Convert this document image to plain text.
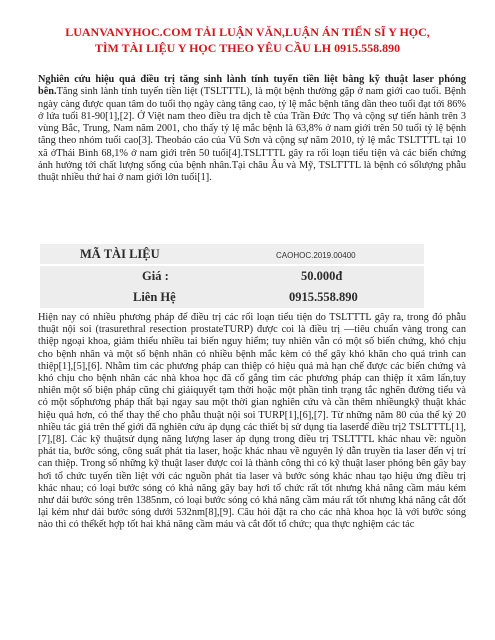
LUANVANYHOC.COM TẢI LUẬN VĂN,LUẬN ÁN TIẾN SĨ Y HỌC,
TÌM TÀI LIỆU Y HỌC THEO YÊU CẦU LH 0915.558.890
Nghiên cứu hiệu quả điều trị tăng sinh lành tính tuyến tiền liệt bằng kỹ thuật laser phóng bên.Tăng sinh lành tính tuyến tiền liệt (TSLTTTL), là một bệnh thường gặp ở nam giới cao tuổi. Bệnh ngày càng được quan tâm do tuổi thọ ngày càng tăng cao, tỷ lệ mắc bệnh tăng dần theo tuổi đạt tới 86% ở lứa tuổi 81-90[1],[2]. Ở Việt nam theo điều tra dịch tễ của Trần Đức Thọ và cộng sự tiến hành trên 3 vùng Bắc, Trung, Nam năm 2001, cho thấy tỷ lệ mắc bệnh là 63,8% ở nam giới trên 50 tuổi tỷ lệ bệnh tăng theo nhóm tuổi cao[3]. Theobáo cáo của Vũ Sơn và cộng sự năm 2010, tỷ lệ mắc TSLTTTL tại 10 xã ởThái Bình 68,1% ở nam giới trên 50 tuổi[4].TSLTTTL gây ra rối loạn tiểu tiện và các biến chứng ảnh hưởng tới chất lượng sống của bệnh nhân.Tại châu Âu và Mỹ, TSLTTTL là bệnh có sốlượng phẫu thuật nhiều thứ hai ở nam giới lớn tuổi[1].
MÃ TÀI LIỆU	CAOHOC.2019.00400
Giá :	50.000đ
Liên Hệ	0915.558.890
Hiện nay có nhiều phương pháp để điều trị các rối loạn tiểu tiện do TSLTTTL gây ra, trong đó phẫu thuật nội soi (trasurethral resection prostateTURP) được coi là điều trị ―tiêu chuẩn vàng trong can thiệp ngoại khoa, giảm thiểu nhiều tai biến nguy hiểm; tuy nhiên vẫn có một số biến chứng, khó chịu cho bệnh nhân và một số bệnh nhân có nhiều bệnh mắc kèm có thể gây khó khăn cho quá trình can thiệp[1],[5],[6]. Nhằm tìm các phương pháp can thiệp có hiệu quả mà hạn chế được các biến chứng và khó chịu cho bệnh nhân các nhà khoa học đã cố gắng tìm các phương pháp can thiệp ít xâm lấn,tuy nhiên một số biện pháp cũng chỉ giảiquyết tạm thời hoặc một phần tình trạng tắc nghẽn đường tiểu và có một sốphương pháp thất bại ngay sau một thời gian nghiên cứu và cần thêm nhiềungkỹ thuật khác hiệu quả hơn, có thể thay thế cho phẫu thuật nội soi TURP[1],[6],[7]. Từ những năm 80 của thế kỷ 20 nhiều tác giả trên thế giới đã nghiên cứu áp dụng các thiết bị sử dụng tia laserđể điều trị2 TSLTTTL[1],[7],[8]. Các kỹ thuậtsử dụng năng lượng laser áp dụng trong điều trị TSLTTTL khác nhau về: nguồn phát tia, bước sóng, công suất phát tia laser, hoặc khác nhau về nguyên lý dẫn truyền tia laser đến vị trí can thiệp. Trong số những kỹ thuật laser được coi là thành công thì có kỹ thuật laser phóng bên gây bay hơi tổ chức tuyến tiền liệt với các nguồn phát tia laser và bước sóng khác nhau tạo hiệu ứng điều trị khác nhau; có loại bước sóng có khả năng gây bay hơi tổ chức rất tốt nhưng khả năng cầm máu kém như dải bước sóng trên 1385nm, có loại bước sóng có khả năng cầm máu rất tốt nhưng khả năng cắt đốt lại kém như dải bước sóng dưới 532nm[8],[9]. Câu hỏi đặt ra cho các nhà khoa học là với bước sóng nào thì có thểkết hợp tốt hai khả năng cầm máu và cắt đốt tổ chức; qua thực nghiệm các tác
